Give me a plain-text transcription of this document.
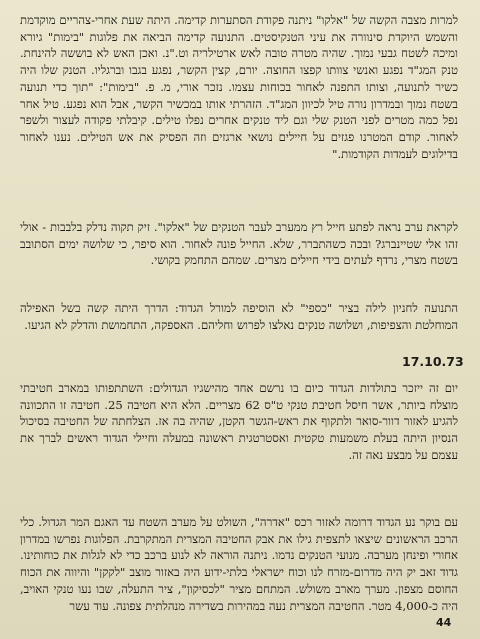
למרות מצבה הקשה של "אלקו" ניתנה פקודת הסתערות קדימה. היתה שעת אחרי-צהריים מוקדמת והשמש היוקדת סינוורה את עיני הטנקיסטים. התנועה קדימה הביאה את פלוגות "בימות" גיורא ומיכה לשטח גבעי נמוך. שהיה מטרה טובה לאש ארטילריה וט."נ. ואכן האש לא בוששה להינחת. טנק המג"ד נפגע ואנשי צוותו קפצו החוצה. יורם, קצין הקשר, נפגע בגבו וברגליו. הטנק שלו היה כשיר לתנועה, וצותו התפנה לאחור בכוחות עצמו. נזכר אורי, מ. פ. "בימות": "תוך כדי תנועה בשטח נמוך ובמדרון נורה טיל לכיוון המג"ד. הזהרתי אותו במכשיר הקשר, אבל הוא נפגע. טיל אחר נפל כמה מטרים לפני הטנק שלי וגם ליד טנקים אחרים נפלו טילים. קיבלתי פקודה לעצור ולשפר לאחור. קודם המטרנו פגזים על חיילים נושאי ארגזים וזה הפסיק את אש הטילים. נענו לאחור בדילוגים לעמדות הקודמות."

לקראת ערב נראה לפתע חייל רץ ממערב לעבר הטנקים של "אלקו". זיק תקוה נדלק בלבבות - אולי זהו אלי שטיינברג? ובכה כשהתברר, שלא. החייל פונה לאחור. הוא סיפר, כי שלושה ימים הסתובב בשטח מצרי, נרדף לעתים בידי חיילים מצרים. שמהם התחמק בקושי.

התנועה לחניון לילה בציר "כספי" לא הוסיפה למורל הגדוד: הדרך היתה קשה בשל האפילה המוחלטת והצפיפות, ושלושה טנקים נאלצו לפרוש וחליהם. האספקה, התחמושת והדלק לא הגיעו.

17.10.73

יום זה ייזכר בתולדות הגדוד כיום בו נרשם אחד מהישגיו הגדולים: השתתפותו במארב חטיבתי מוצלח ביותר, אשר חיסל חטיבת טנקי ט"ס 62 מצריים. הלא היא חטיבה 25. חטיבה זו התכוונה להגיע לאזור דוור-סואר ולתקוף את ראש-הגשר הקטן, שהיה בה אז. הצלחתה של החטיבה בסיכול הנסיון היתה בעלת משמעות טקטית ואסטרטגית ראשונה במעלה וחיילי הגדוד ראשים לברך את עצמם על מבצע נאה זה.

עם בוקר נע הגדוד דרומה לאזור רכס "אדרה", השולט על מערב השטח עד האגם המר הגדול. כלי הרכב הראשונים שיצאו לתצפית גילו את אבק החטיבה המצרית המתקרבת. הפלוגות נפרשו במדרון אחורי ופינחן מערבה. מנועי הטנקים נדמו. ניתנה הוראה לא לנוע ברכב כדי לא לגלות את כוחותינו. גדוד זאב יק היה מדרום-מזרח לנו וכוח ישראלי בלתי-ידוע היה באזור מוצב "לקקן" והיווה את הכוח החוסם מצפון. מערך מארב משולש. המתחם מציר "לכסיקון", ציר התעלה, שבו נעו טנקי האויב, היה כ-4,000 מטר. החטיבה המצרית נעה במהירות בשדירה מנהלתית צפונה. עוד עשר

44
